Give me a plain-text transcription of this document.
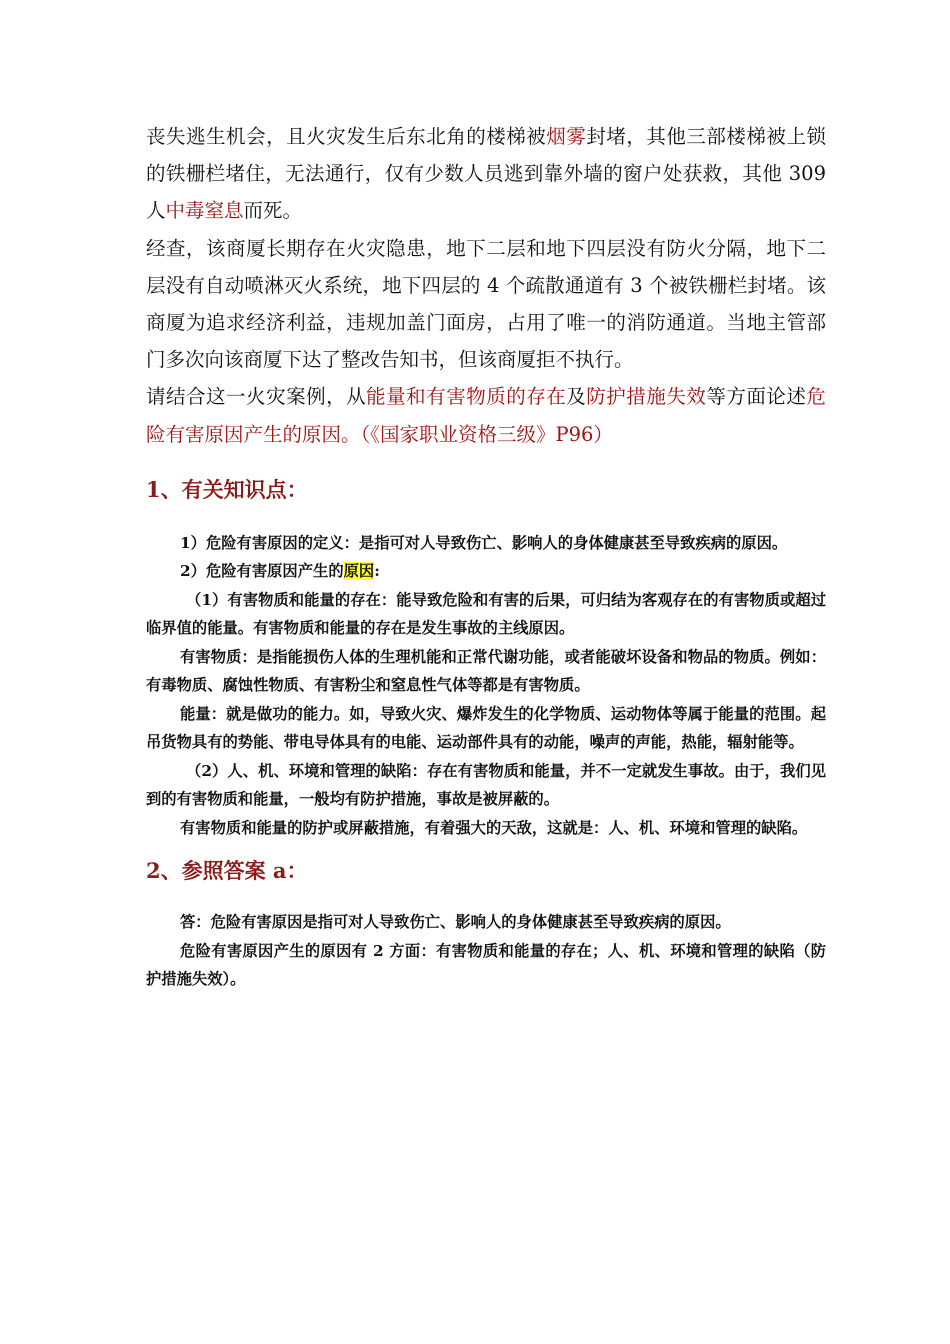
丧失逃生机会，且火灾发生后东北角的楼梯被烟雾封堵，其他三部楼梯被上锁的铁栅栏堵住，无法通行，仅有少数人员逃到靠外墙的窗户处获救，其他 309 人中毒窒息而死。

经查，该商厦长期存在火灾隐患，地下二层和地下四层没有防火分隔，地下二层没有自动喷淋灭火系统，地下四层的 4 个疏散通道有 3 个被铁栅栏封堵。该商厦为追求经济利益，违规加盖门面房，占用了唯一的消防通道。当地主管部门多次向该商厦下达了整改告知书，但该商厦拒不执行。

请结合这一火灾案例，从能量和有害物质的存在及防护措施失效等方面论述危险有害原因产生的原因。（《国家职业资格三级》P96）

1、有关知识点：

1）危险有害原因的定义：是指可对人导致伤亡、影响人的身体健康甚至导致疾病的原因。

2）危险有害原因产生的原因:

（1）有害物质和能量的存在：能导致危险和有害的后果，可归结为客观存在的有害物质或超过临界值的能量。有害物质和能量的存在是发生事故的主线原因。

有害物质：是指能损伤人体的生理机能和正常代谢功能，或者能破坏设备和物品的物质。例如：有毒物质、腐蚀性物质、有害粉尘和窒息性气体等都是有害物质。

能量：就是做功的能力。如，导致火灾、爆炸发生的化学物质、运动物体等属于能量的范围。起吊货物具有的势能、带电导体具有的电能、运动部件具有的动能，噪声的声能，热能，辐射能等。

（2）人、机、环境和管理的缺陷：存在有害物质和能量，并不一定就发生事故。由于，我们见到的有害物质和能量，一般均有防护措施，事故是被屏蔽的。

有害物质和能量的防护或屏蔽措施，有着强大的天敌，这就是：人、机、环境和管理的缺陷。

2、参照答案 a：

答：危险有害原因是指可对人导致伤亡、影响人的身体健康甚至导致疾病的原因。

危险有害原因产生的原因有 2 方面：有害物质和能量的存在；人、机、环境和管理的缺陷（防护措施失效）。
